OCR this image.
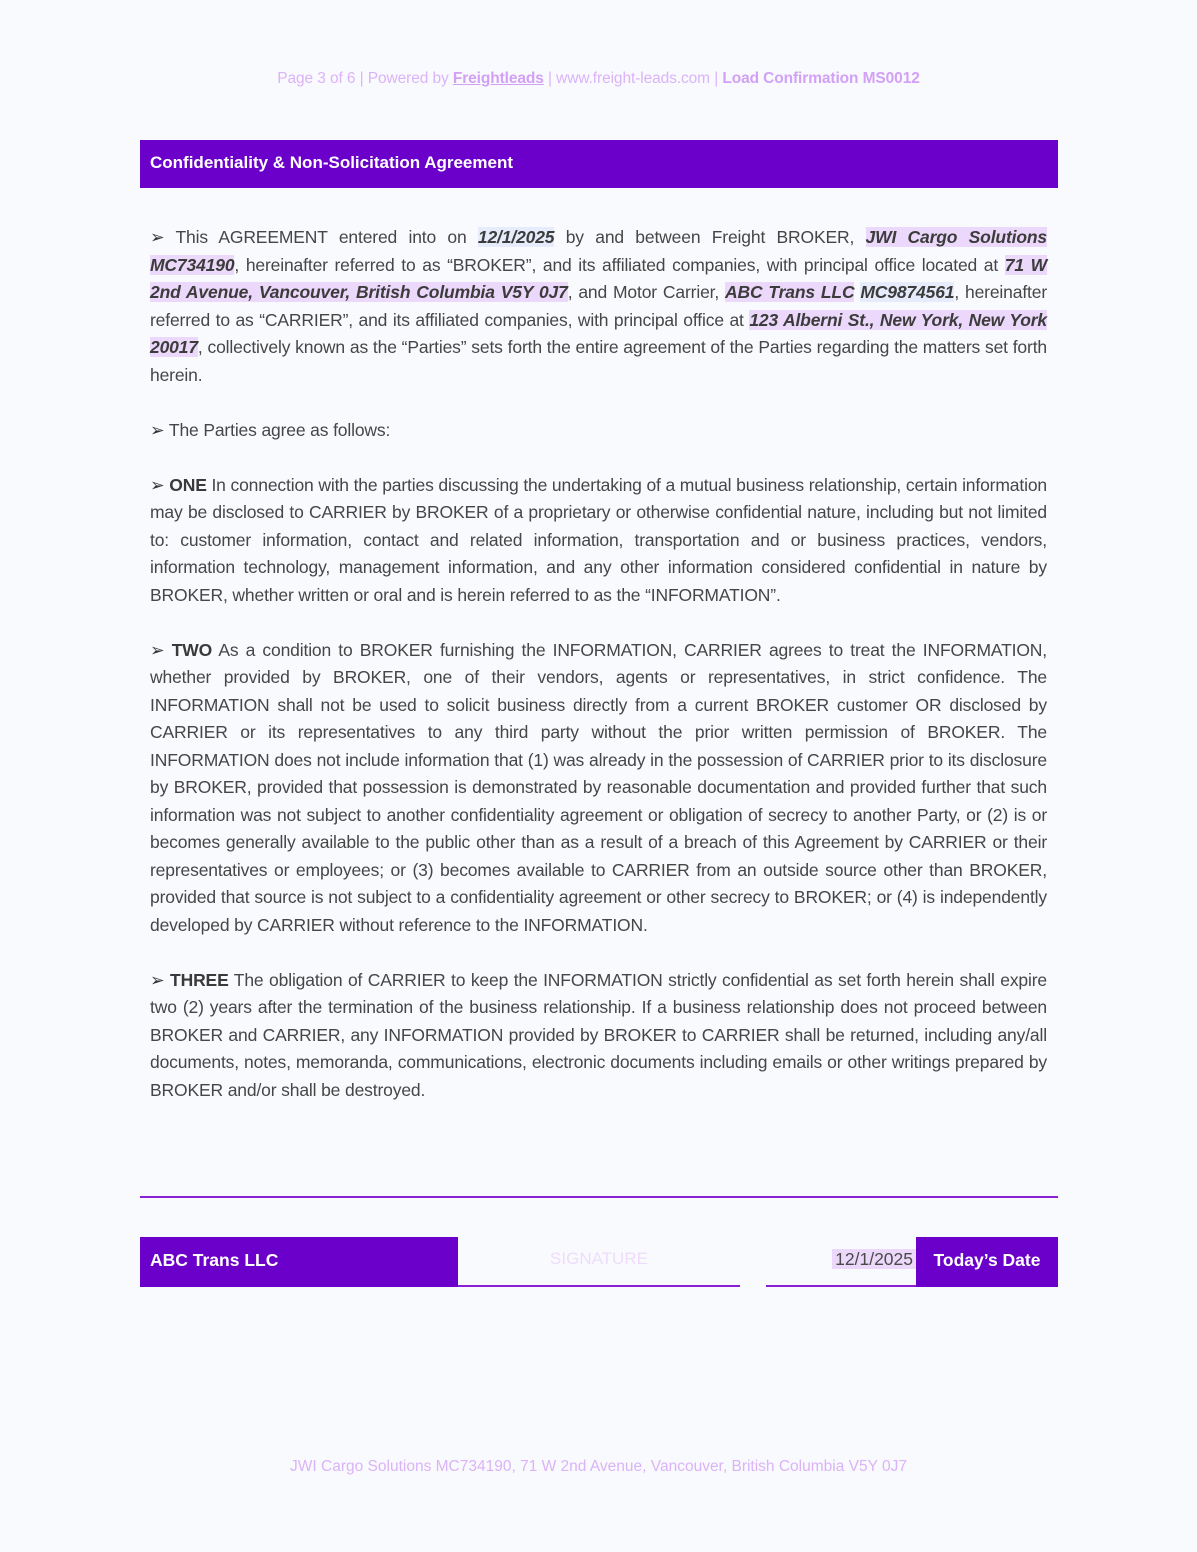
Page 3 of 6 | Powered by Freightleads | www.freight-leads.com | Load Confirmation MS0012
Confidentiality & Non-Solicitation Agreement

➢ This AGREEMENT entered into on 12/1/2025 by and between Freight BROKER, JWI Cargo Solutions MC734190, hereinafter referred to as “BROKER”, and its affiliated companies, with principal office located at 71 W 2nd Avenue, Vancouver, British Columbia V5Y 0J7, and Motor Carrier, ABC Trans LLC MC9874561, hereinafter referred to as “CARRIER”, and its affiliated companies, with principal office at 123 Alberni St., New York, New York 20017, collectively known as the “Parties” sets forth the entire agreement of the Parties regarding the matters set forth herein.

➢ The Parties agree as follows:

➢ ONE In connection with the parties discussing the undertaking of a mutual business relationship, certain information may be disclosed to CARRIER by BROKER of a proprietary or otherwise confidential nature, including but not limited to: customer information, contact and related information, transportation and or business practices, vendors, information technology, management information, and any other information considered confidential in nature by BROKER, whether written or oral and is herein referred to as the “INFORMATION”.

➢ TWO As a condition to BROKER furnishing the INFORMATION, CARRIER agrees to treat the INFORMATION, whether provided by BROKER, one of their vendors, agents or representatives, in strict confidence. The INFORMATION shall not be used to solicit business directly from a current BROKER customer OR disclosed by CARRIER or its representatives to any third party without the prior written permission of BROKER. The INFORMATION does not include information that (1) was already in the possession of CARRIER prior to its disclosure by BROKER, provided that possession is demonstrated by reasonable documentation and provided further that such information was not subject to another confidentiality agreement or obligation of secrecy to another Party, or (2) is or becomes generally available to the public other than as a result of a breach of this Agreement by CARRIER or their representatives or employees; or (3) becomes available to CARRIER from an outside source other than BROKER, provided that source is not subject to a confidentiality agreement or other secrecy to BROKER; or (4) is independently developed by CARRIER without reference to the INFORMATION.

➢ THREE The obligation of CARRIER to keep the INFORMATION strictly confidential as set forth herein shall expire two (2) years after the termination of the business relationship. If a business relationship does not proceed between BROKER and CARRIER, any INFORMATION provided by BROKER to CARRIER shall be returned, including any/all documents, notes, memoranda, communications, electronic documents including emails or other writings prepared by BROKER and/or shall be destroyed.

ABC Trans LLC	SIGNATURE	12/1/2025	Today’s Date
JWI Cargo Solutions MC734190, 71 W 2nd Avenue, Vancouver, British Columbia V5Y 0J7
